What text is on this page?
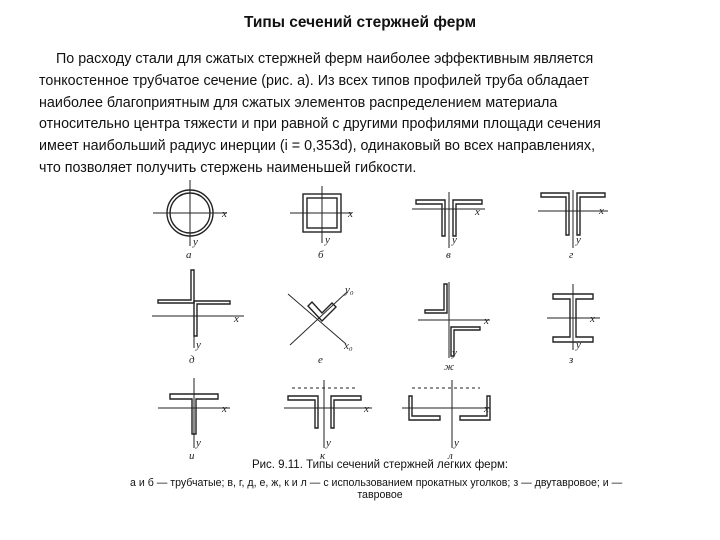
Типы сечений стержней ферм

По расходу стали для сжатых стержней ферм наиболее эффективным является
тонкостенное трубчатое сечение (рис. а). Из всех типов профилей труба обладает
наиболее благоприятным для сжатых элементов распределением материала
относительно центра тяжести и при равной с другими профилями площади сечения
имеет наибольший радиус инерции (i = 0,353d), одинаковый во всех направлениях,
что позволяет получить стержень наименьшей гибкости.

x
y
а
x
y
б
x
y
в
x
y
г
x
y
д
y₀
x₀
е
x
y
ж
x
y
з
x
y
и
x
y
к
x
y
л
Рис. 9.11. Типы сечений стержней легких ферм:
а и б — трубчатые; в, г, д, е, ж, к и л — с использованием прокатных уголков; з — двутавровое; и —
тавровое
